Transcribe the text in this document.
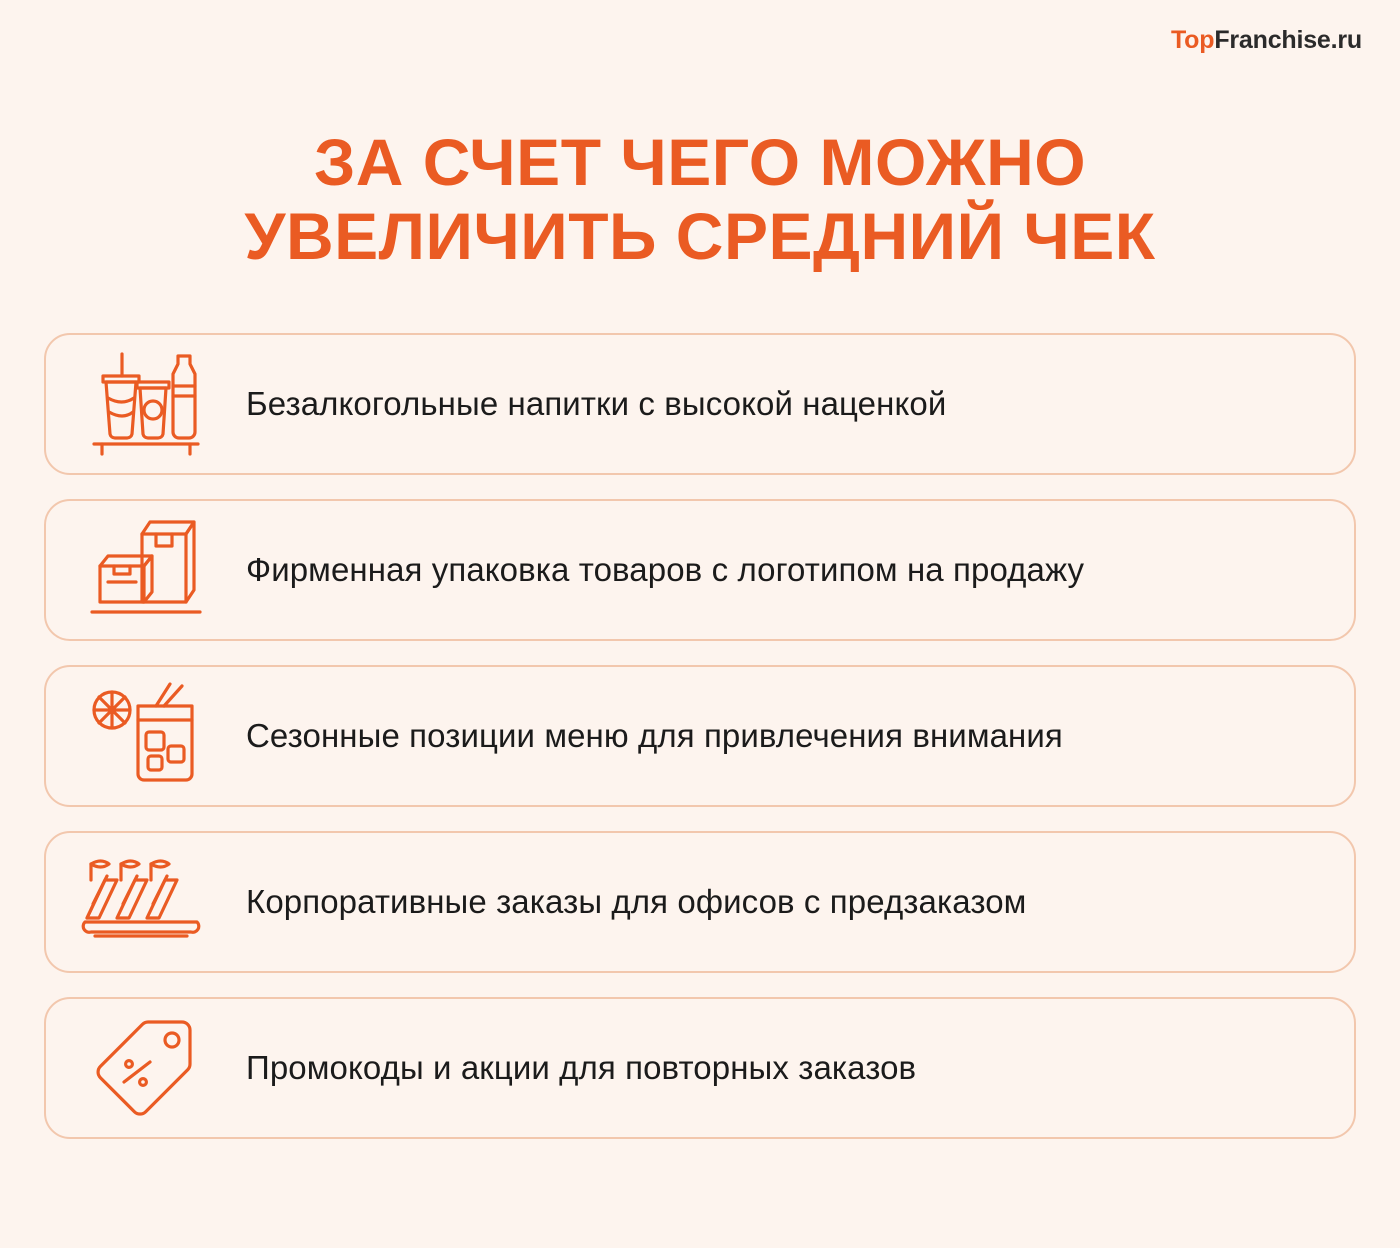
TopFranchise.ru
ЗА СЧЕТ ЧЕГО МОЖНО
УВЕЛИЧИТЬ СРЕДНИЙ ЧЕК
Безалкогольные напитки с высокой наценкой
Фирменная упаковка товаров с логотипом на продажу
Сезонные позиции меню для привлечения внимания
Корпоративные заказы для офисов с предзаказом
Промокоды и акции для повторных заказов
